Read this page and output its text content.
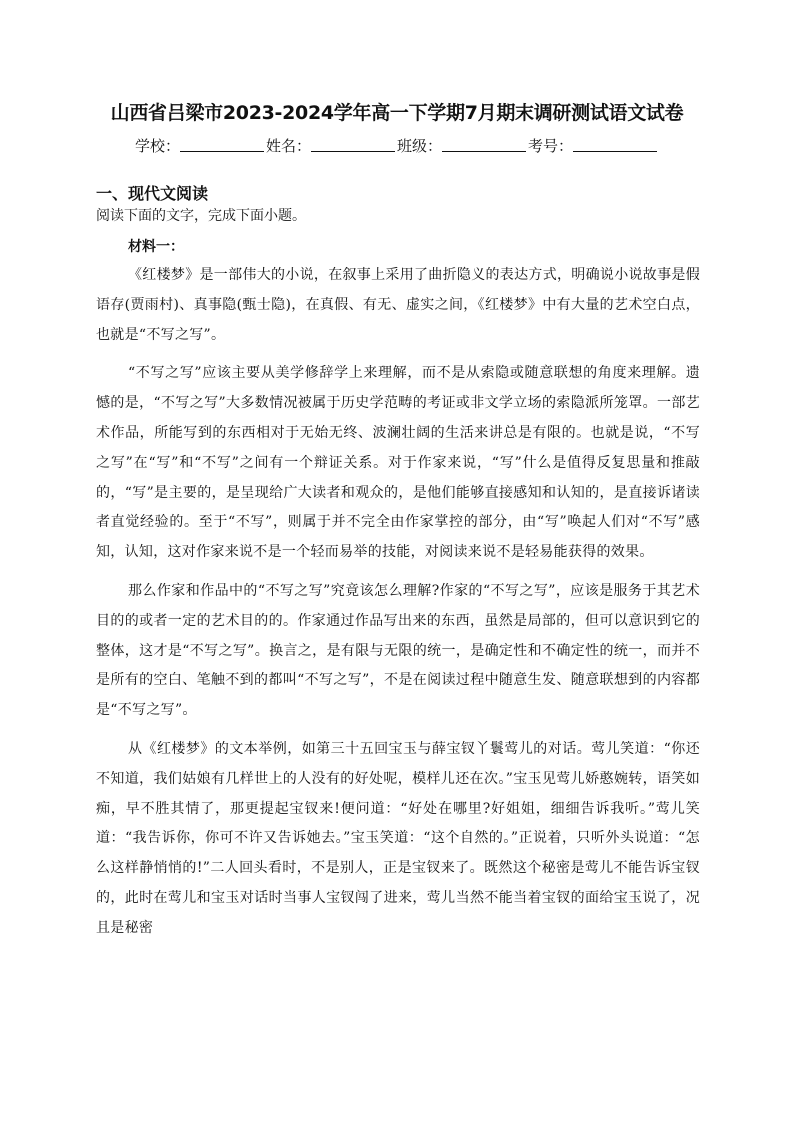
山西省吕梁市2023-2024学年高一下学期7月期末调研测试语文试卷
学校：	姓名：	班级：	考号：
一、现代文阅读

阅读下面的文字，完成下面小题。

材料一：

《红楼梦》是一部伟大的小说，在叙事上采用了曲折隐义的表达方式，明确说小说故事是假语存(贾雨村)、真事隐(甄士隐)，在真假、有无、虚实之间，《红楼梦》中有大量的艺术空白点，也就是“不写之写”。

“不写之写”应该主要从美学修辞学上来理解，而不是从索隐或随意联想的角度来理解。遗憾的是，“不写之写”大多数情况被属于历史学范畴的考证或非文学立场的索隐派所笼罩。一部艺术作品，所能写到的东西相对于无始无终、波澜壮阔的生活来讲总是有限的。也就是说，“不写之写”在“写”和“不写”之间有一个辩证关系。对于作家来说，“写”什么是值得反复思量和推敲的，“写”是主要的，是呈现给广大读者和观众的，是他们能够直接感知和认知的，是直接诉诸读者直觉经验的。至于“不写”，则属于并不完全由作家掌控的部分，由“写”唤起人们对“不写”感知，认知，这对作家来说不是一个轻而易举的技能，对阅读来说不是轻易能获得的效果。

那么作家和作品中的“不写之写”究竟该怎么理解?作家的“不写之写”，应该是服务于其艺术目的的或者一定的艺术目的的。作家通过作品写出来的东西，虽然是局部的，但可以意识到它的整体，这才是“不写之写”。换言之，是有限与无限的统一，是确定性和不确定性的统一，而并不是所有的空白、笔触不到的都叫“不写之写”，不是在阅读过程中随意生发、随意联想到的内容都是“不写之写”。

从《红楼梦》的文本举例，如第三十五回宝玉与薛宝钗丫鬟莺儿的对话。莺儿笑道：“你还不知道，我们姑娘有几样世上的人没有的好处呢，模样儿还在次。”宝玉见莺儿娇憨婉转，语笑如痴，早不胜其情了，那更提起宝钗来!便问道：“好处在哪里?好姐姐，细细告诉我听。”莺儿笑道：“我告诉你，你可不许又告诉她去。”宝玉笑道：“这个自然的。”正说着，只听外头说道：“怎么这样静悄悄的!”二人回头看时，不是别人，正是宝钗来了。既然这个秘密是莺儿不能告诉宝钗的，此时在莺儿和宝玉对话时当事人宝钗闯了进来，莺儿当然不能当着宝钗的面给宝玉说了，况且是秘密
